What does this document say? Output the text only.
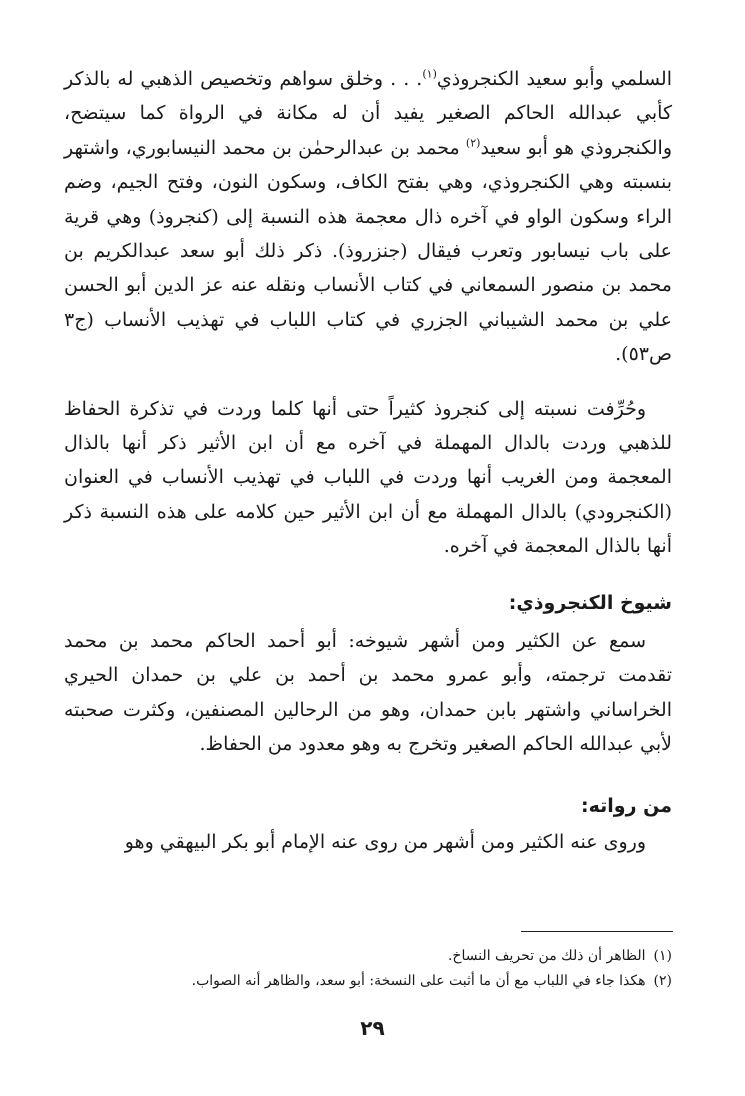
السلمي وأبو سعيد الكنجروذي$^{(١)}$. . . وخلق سواهم وتخصيص الذهبي له بالذكر كأبي عبدالله الحاكم الصغير يفيد أن له مكانة في الرواة كما سيتضح، والكنجروذي هو أبو سعيد$^{(٢)}$ محمد بن عبدالرحمٰن بن محمد النيسابوري، واشتهر بنسبته وهي الكنجروذي، وهي بفتح الكاف، وسكون النون، وفتح الجيم، وضم الراء وسكون الواو في آخره ذال معجمة هذه النسبة إلى (كنجروذ) وهي قرية على باب نيسابور وتعرب فيقال (جنزروذ). ذكر ذلك أبو سعد عبدالكريم بن محمد بن منصور السمعاني في كتاب الأنساب ونقله عنه عز الدين أبو الحسن علي بن محمد الشيباني الجزري في كتاب اللباب في تهذيب الأنساب (ج٣ ص٥٣).

وحُرِّفت نسبته إلى كنجروذ كثيراً حتى أنها كلما وردت في تذكرة الحفاظ للذهبي وردت بالدال المهملة في آخره مع أن ابن الأثير ذكر أنها بالذال المعجمة ومن الغريب أنها وردت في اللباب في تهذيب الأنساب في العنوان (الكنجرودي) بالدال المهملة مع أن ابن الأثير حين كلامه على هذه النسبة ذكر أنها بالذال المعجمة في آخره.

شيوخ الكنجروذي:

سمع عن الكثير ومن أشهر شيوخه: أبو أحمد الحاكم محمد بن محمد تقدمت ترجمته، وأبو عمرو محمد بن أحمد بن علي بن حمدان الحيري الخراساني واشتهر بابن حمدان، وهو من الرحالين المصنفين، وكثرت صحبته لأبي عبدالله الحاكم الصغير وتخرج به وهو معدود من الحفاظ.

من رواته:

وروى عنه الكثير ومن أشهر من روى عنه الإمام أبو بكر البيهقي وهو

(١)الظاهر أن ذلك من تحريف النساخ.

(٢)هكذا جاء في اللباب مع أن ما أثبت على النسخة: أبو سعد، والظاهر أنه الصواب.

٢٩
